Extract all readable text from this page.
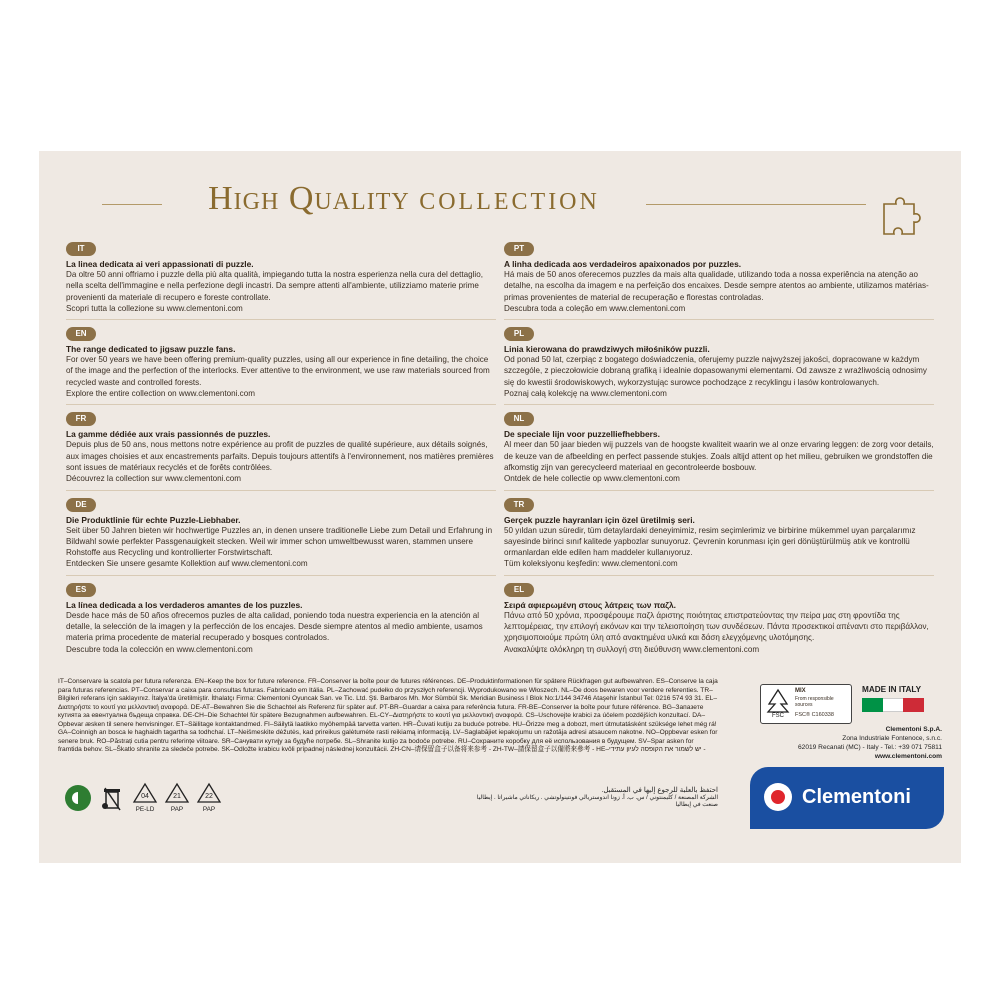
High Quality COLLECTION
IT
La linea dedicata ai veri appassionati di puzzle.
Da oltre 50 anni offriamo i puzzle della più alta qualità, impiegando tutta la nostra esperienza nella cura del dettaglio, nella scelta dell'immagine e nella perfezione degli incastri. Da sempre attenti all'ambiente, utilizziamo materie prime provenienti da materiale di recupero e foreste controllate.
Scopri tutta la collezione su www.clementoni.com
EN
The range dedicated to jigsaw puzzle fans.
For over 50 years we have been offering premium-quality puzzles, using all our experience in fine detailing, the choice of the image and the perfection of the interlocks. Ever attentive to the environment, we use raw materials sourced from recycled waste and controlled forests.
Explore the entire collection on www.clementoni.com
FR
La gamme dédiée aux vrais passionnés de puzzles.
Depuis plus de 50 ans, nous mettons notre expérience au profit de puzzles de qualité supérieure, aux détails soignés, aux images choisies et aux encastrements parfaits. Depuis toujours attentifs à l'environnement, nos matières premières sont issues de matériaux recyclés et de forêts contrôlées.
Découvrez la collection sur www.clementoni.com
DE
Die Produktlinie für echte Puzzle-Liebhaber.
Seit über 50 Jahren bieten wir hochwertige Puzzles an, in denen unsere traditionelle Liebe zum Detail und Erfahrung in Bildwahl sowie perfekter Passgenauigkeit stecken. Weil wir immer schon umweltbewusst waren, stammen unsere Rohstoffe aus Recycling und kontrollierter Forstwirtschaft.
Entdecken Sie unsere gesamte Kollektion auf www.clementoni.com
ES
La línea dedicada a los verdaderos amantes de los puzzles.
Desde hace más de 50 años ofrecemos puzles de alta calidad, poniendo toda nuestra experiencia en la atención al detalle, la selección de la imagen y la perfección de los encajes. Desde siempre atentos al medio ambiente, usamos materia prima procedente de material recuperado y bosques controlados.
Descubre toda la colección en www.clementoni.com
PT
A linha dedicada aos verdadeiros apaixonados por puzzles.
Há mais de 50 anos oferecemos puzzles da mais alta qualidade, utilizando toda a nossa experiência na atenção ao detalhe, na escolha da imagem e na perfeição dos encaixes. Desde sempre atentos ao ambiente, utilizamos matérias-primas provenientes de material de recuperação e florestas controladas.
Descubra toda a coleção em www.clementoni.com
PL
Linia kierowana do prawdziwych miłośników puzzli.
Od ponad 50 lat, czerpiąc z bogatego doświadczenia, oferujemy puzzle najwyższej jakości, dopracowane w każdym szczególe, z pieczołowicie dobraną grafiką i idealnie dopasowanymi elementami. Od zawsze z wrażliwością odnosimy się do kwestii środowiskowych, wykorzystując surowce pochodzące z recyklingu i lasów kontrolowanych.
Poznaj całą kolekcję na www.clementoni.com
NL
De speciale lijn voor puzzelliefhebbers.
Al meer dan 50 jaar bieden wij puzzels van de hoogste kwaliteit waarin we al onze ervaring leggen: de zorg voor details, de keuze van de afbeelding en perfect passende stukjes. Zoals altijd attent op het milieu, gebruiken we grondstoffen die afkomstig zijn van gerecycleerd materiaal en gecontroleerde bosbouw.
Ontdek de hele collectie op www.clementoni.com
TR
Gerçek puzzle hayranları için özel üretilmiş seri.
50 yıldan uzun süredir, tüm detaylardaki deneyimimiz, resim seçimlerimiz ve birbirine mükemmel uyan parçalarımız sayesinde birinci sınıf kalitede yapbozlar sunuyoruz. Çevrenin korunması için geri dönüştürülmüş atık ve kontrollü ormanlardan elde edilen ham maddeler kullanıyoruz.
Tüm koleksiyonu keşfedin: www.clementoni.com
EL
Σειρά αφιερωμένη στους λάτρεις των παζλ.
Πάνω από 50 χρόνια, προσφέρουμε παζλ άριστης ποιότητας επιστρατεύοντας την πείρα μας στη φροντίδα της λεπτομέρειας, την επιλογή εικόνων και την τελειοποίηση των συνδέσεων. Πάντα προσεκτικοί απέναντι στο περιβάλλον, χρησιμοποιούμε πρώτη ύλη από ανακτημένα υλικά και δάση ελεγχόμενης υλοτόμησης.
Ανακαλύψτε ολόκληρη τη συλλογή στη διεύθυνση www.clementoni.com
IT–Conservare la scatola per futura referenza. EN–Keep the box for future reference. FR–Conserver la boîte pour de futures références. DE–Produktinformationen für spätere Rückfragen gut aufbewahren. ES–Conserve la caja para futuras referencias. PT–Conservar a caixa para consultas futuras. Fabricado em Itália. PL–Zachować pudełko do przyszłych referencji. Wyprodukowano we Włoszech. NL–De doos bewaren voor verdere referenties. TR–Bilgileri referans için saklayınız. İtalya'da üretilmiştir. İthalatçı Firma: Clementoni Oyuncak San. ve Tic. Ltd. Şti. Barbaros Mh. Mor Sümbül Sk. Meridian Business I Blok No:1/144 34746 Ataşehir İstanbul Tel: 0216 574 93 31. EL–Διατηρήστε το κουτί για μελλοντική αναφορά. DE-AT–Bewahren Sie die Schachtel als Referenz für später auf. PT-BR–Guardar a caixa para referência futura. FR-BE–Conserver la boîte pour future référence. BG–Запазете кутията за евентуална бъдеща справка. DE-CH–Die Schachtel für spätere Bezugnahmen aufbewahren. EL-CY–Διατηρήστε το κουτί για μελλοντική αναφορά. CS–Uschovejte krabici za účelem pozdějších konzultací. DA–Opbevar æsken til senere henvisninger. ET–Säilitage kontaktandmed. FI–Säilytä laatikko myöhempää tarvetta varten. HR–Čuvati kutiju za buduće potrebe. HU–Őrizze meg a dobozt, mert útmutatásként szüksége lehet még rá! GA–Coinnigh an bosca le haghaidh tagartha sa todhchaí. LT–Neišmeskite dėžutės, kad prireikus galėtumėte rasti reikiamą informaciją. LV–Saglabājiet iepakojumu un ražotāja adresi atsaucem nakotne. NO–Oppbevar esken for senere bruk. RO–Păstrați cutia pentru referințe viitoare. SR–Сачувати кутију за будуће потребе. SL–Shranite kutijo za bodoče potrebe. RU–Сохраните коробку для её использования в будущем. SV–Spar asken for framtida behov. SL–Škatlo shranite za sledeče potrebe. SK–Odložte krabicu kvôli prípadnej následnej konzultácii. ZH-CN–请保留盒子以备将来参考 - ZH-TW–請保留盒子以備將來參考 - HE–יש לשמור את הקופסה לעיון עתידי -
احتفظ بالعلبة للرجوع إليها في المستقبل.
الشركة المصنعة / كليمنتوني / س. ب. أ. زونا اندوستريالي فونتينولوتشي . ريكاناتي ماشيراتا . إيطاليا
صنعت في إيطاليا
04
PE-LD
21
PAP
22
PAP
FSC
MIX
From responsible sources
FSC® C160338
MADE IN ITALY
Clementoni S.p.A.
Zona Industriale Fontenoce, s.n.c.
62019 Recanati (MC) - Italy - Tel.: +39 071 75811
www.clementoni.com
Clementoni
